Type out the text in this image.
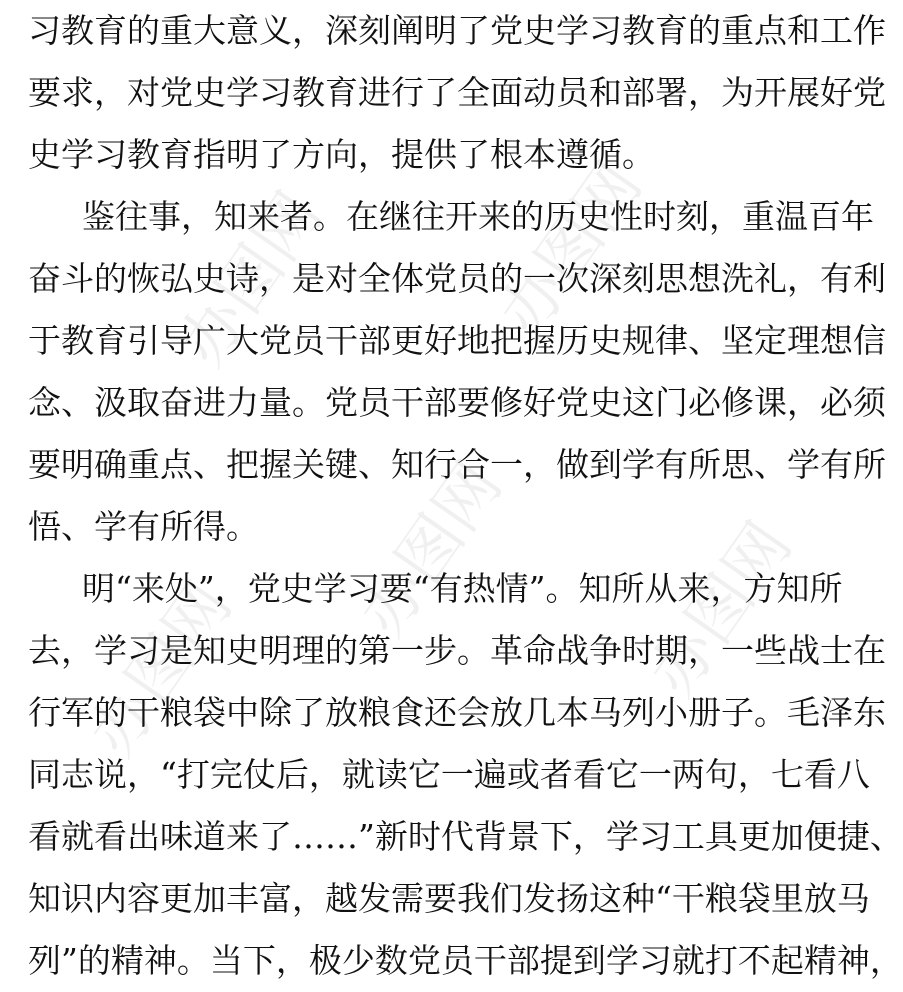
办图网 办图网
办图网
办图网
办图网
习教育的重大意义，深刻阐明了党史学习教育的重点和工作
要求，对党史学习教育进行了全面动员和部署，为开展好党
史学习教育指明了方向，提供了根本遵循。
鉴往事，知来者。在继往开来的历史性时刻，重温百年
奋斗的恢弘史诗，是对全体党员的一次深刻思想洗礼，有利
于教育引导广大党员干部更好地把握历史规律、坚定理想信
念、汲取奋进力量。党员干部要修好党史这门必修课，必须
要明确重点、把握关键、知行合一，做到学有所思、学有所
悟、学有所得。
明“来处”，党史学习要“有热情”。知所从来，方知所
去，学习是知史明理的第一步。革命战争时期，一些战士在
行军的干粮袋中除了放粮食还会放几本马列小册子。毛泽东
同志说，“打完仗后，就读它一遍或者看它一两句，七看八
看就看出味道来了……”新时代背景下，学习工具更加便捷、
知识内容更加丰富，越发需要我们发扬这种“干粮袋里放马
列”的精神。当下，极少数党员干部提到学习就打不起精神，
